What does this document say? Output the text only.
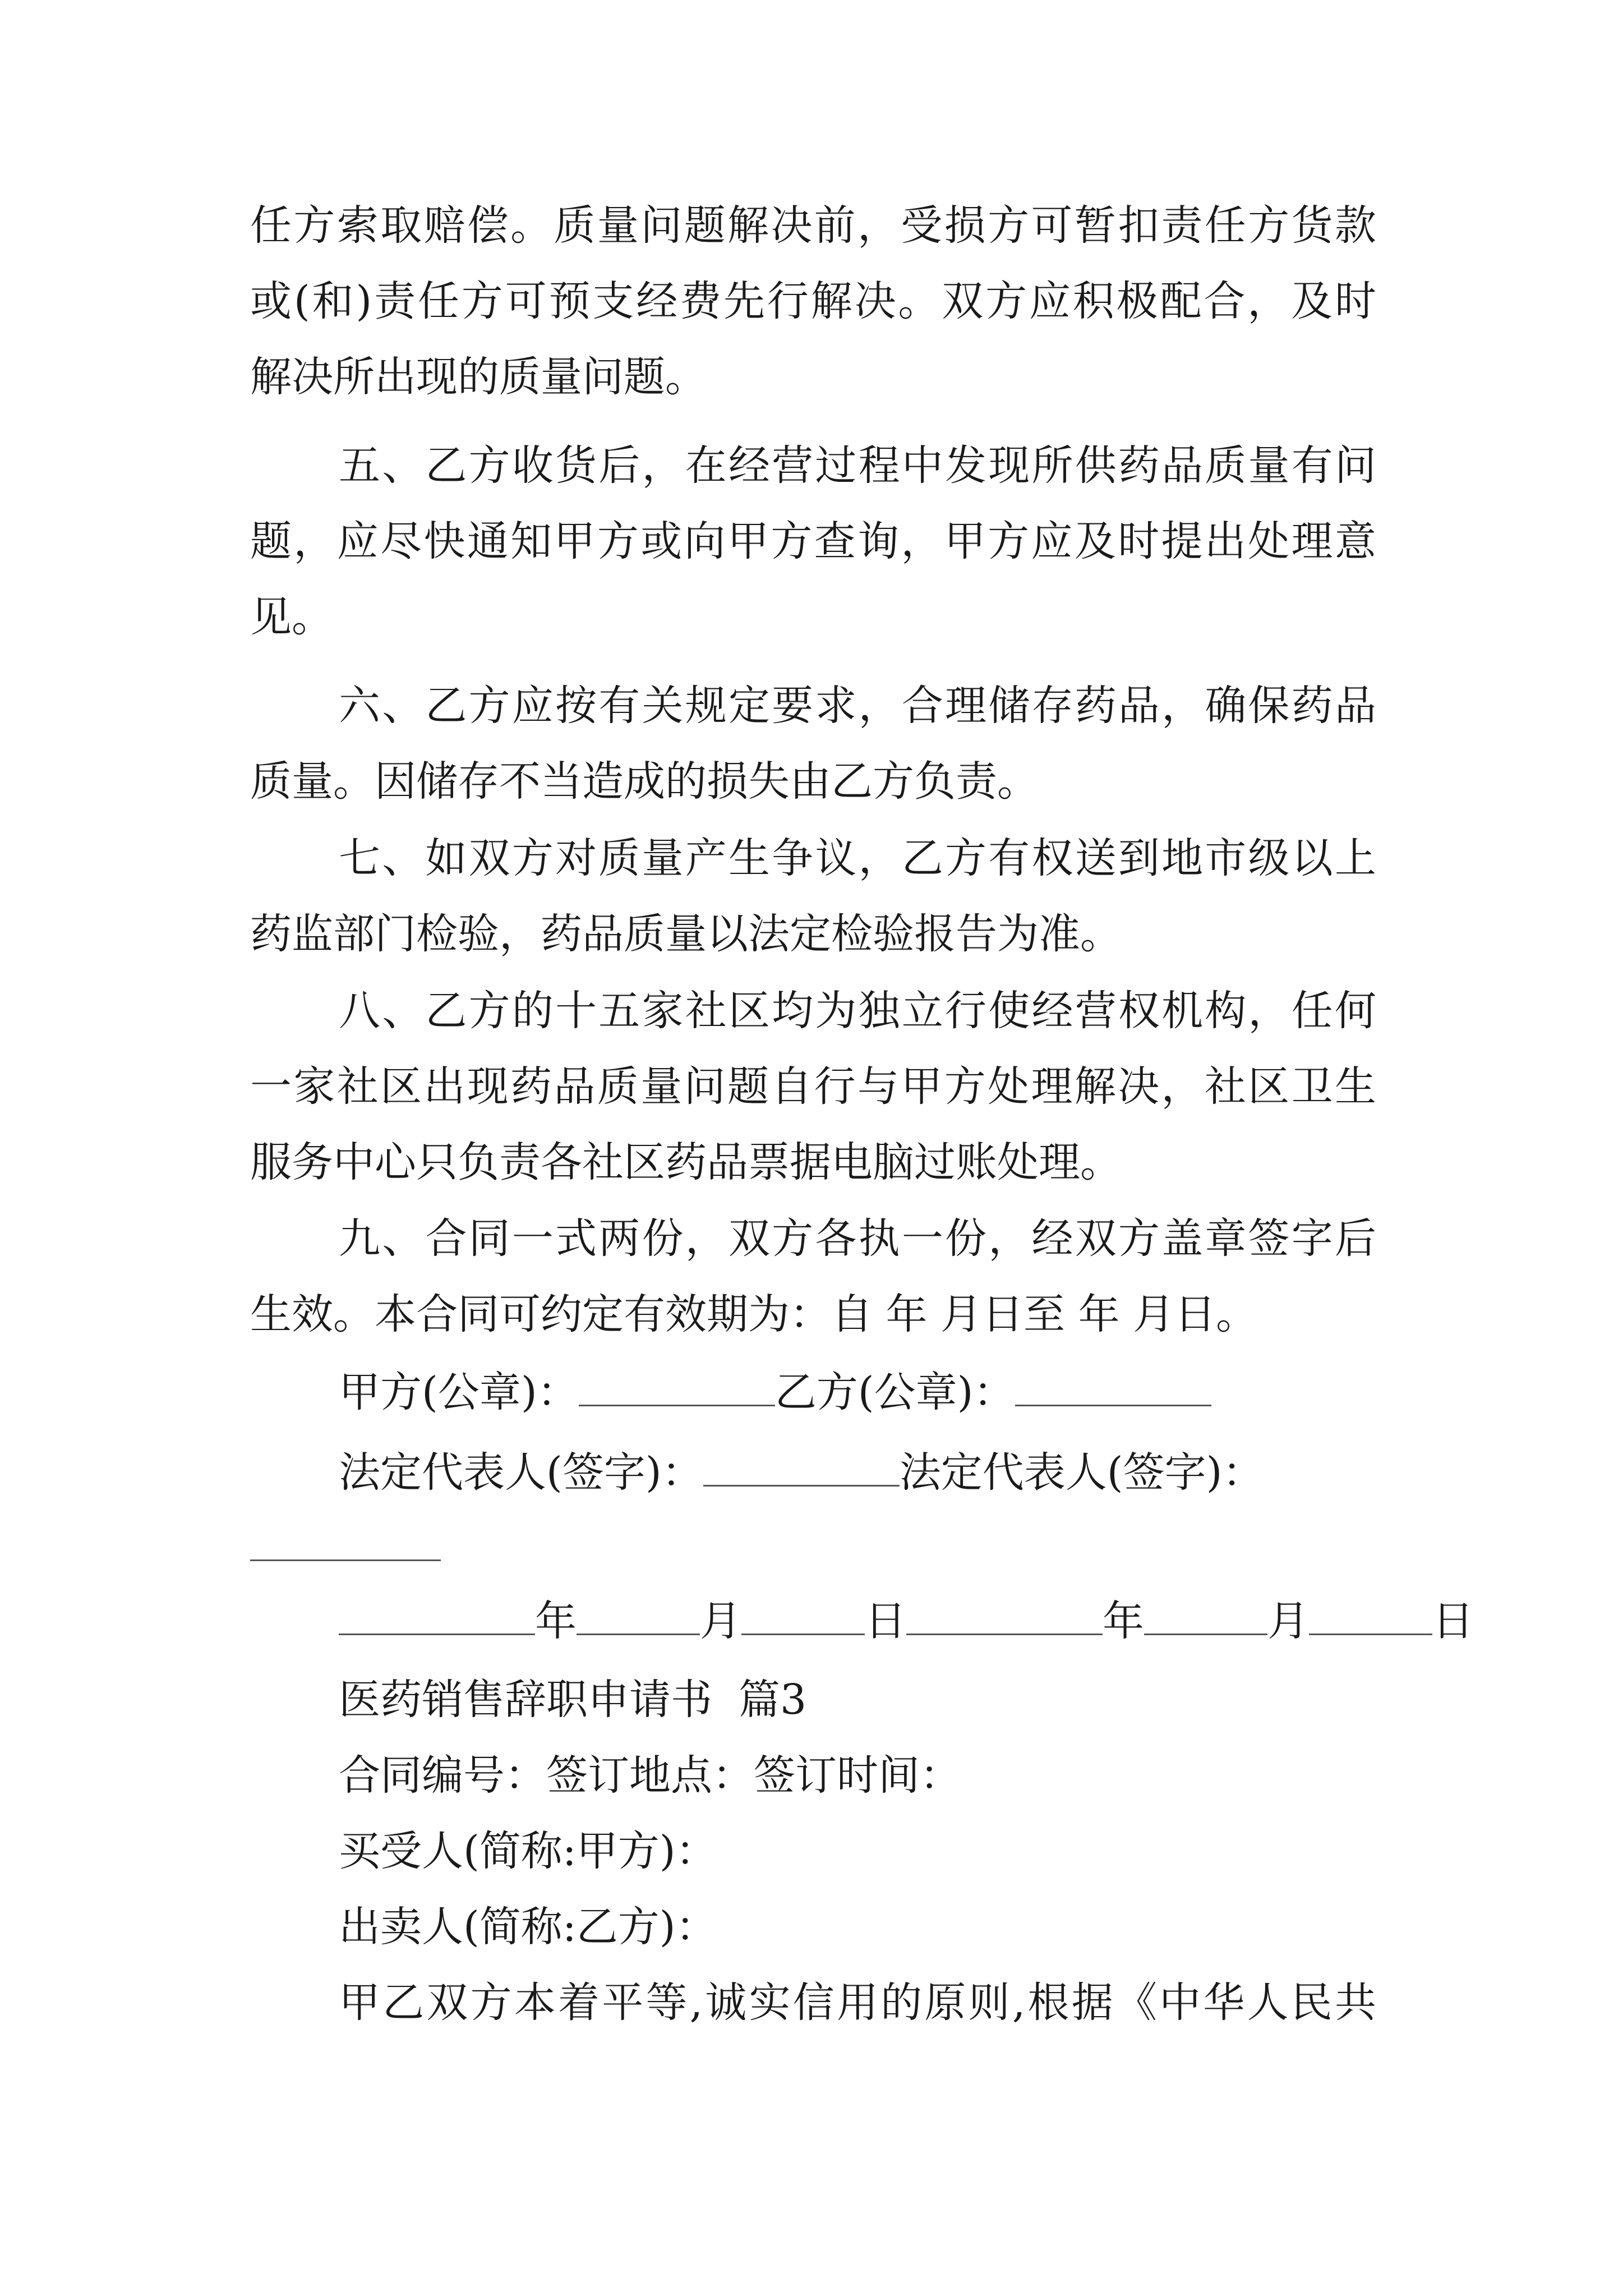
任方索取赔偿。质量问题解决前，受损方可暂扣责任方货款
或(和)责任方可预支经费先行解决。双方应积极配合，及时
解决所出现的质量问题。
五、乙方收货后，在经营过程中发现所供药品质量有问
题，应尽快通知甲方或向甲方查询，甲方应及时提出处理意
见。
六、乙方应按有关规定要求，合理储存药品，确保药品
质量。因储存不当造成的损失由乙方负责。
七、如双方对质量产生争议，乙方有权送到地市级以上
药监部门检验，药品质量以法定检验报告为准。
八、乙方的十五家社区均为独立行使经营权机构，任何
一家社区出现药品质量问题自行与甲方处理解决，社区卫生
服务中心只负责各社区药品票据电脑过账处理。
九、合同一式两份，双方各执一份，经双方盖章签字后
生效。本合同可约定有效期为：自 年 月日至 年 月日。
甲方(公章)：	乙方(公章)：
法定代表人(签字)：	法定代表人(签字)：
年	月	日	年	月	日
医药销售辞职申请书  篇3
合同编号：签订地点：签订时间：
买受人(简称:甲方)：
出卖人(简称:乙方)：
甲乙双方本着平等,诚实信用的原则,根据《中华人民共
